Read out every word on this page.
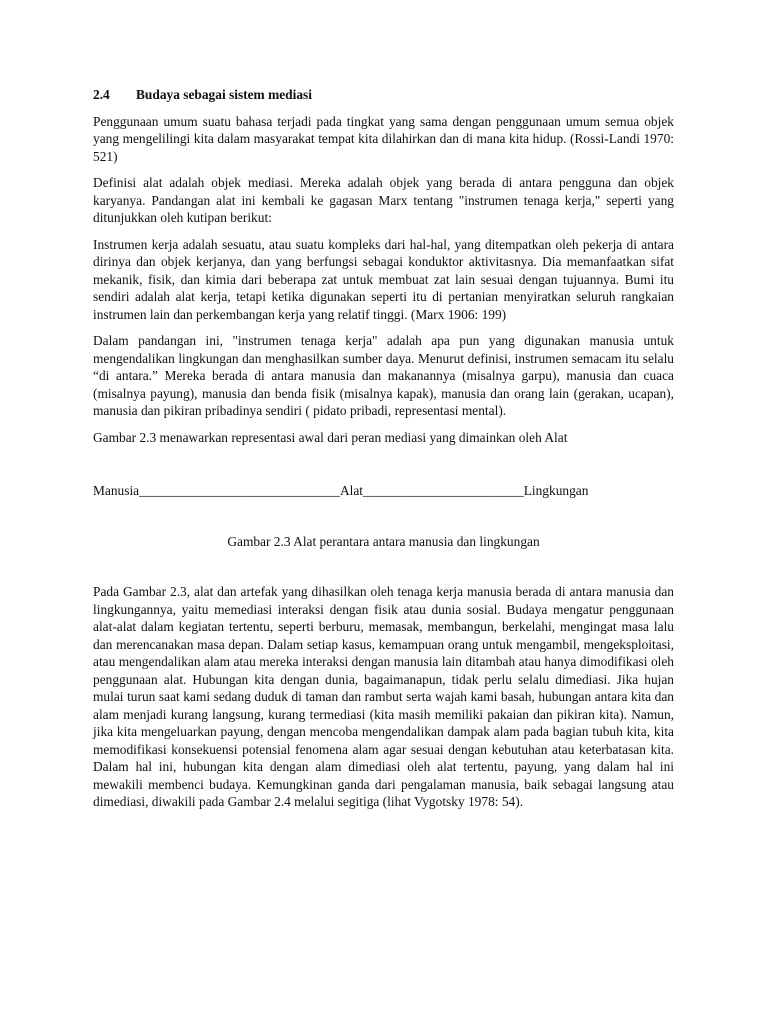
2.4 Budaya sebagai sistem mediasi

Penggunaan umum suatu bahasa terjadi pada tingkat yang sama dengan penggunaan umum semua objek yang mengelilingi kita dalam masyarakat tempat kita dilahirkan dan di mana kita hidup. (Rossi-Landi 1970: 521)

Definisi alat adalah objek mediasi. Mereka adalah objek yang berada di antara pengguna dan objek karyanya. Pandangan alat ini kembali ke gagasan Marx tentang "instrumen tenaga kerja," seperti yang ditunjukkan oleh kutipan berikut:

Instrumen kerja adalah sesuatu, atau suatu kompleks dari hal-hal, yang ditempatkan oleh pekerja di antara dirinya dan objek kerjanya, dan yang berfungsi sebagai konduktor aktivitasnya. Dia memanfaatkan sifat mekanik, fisik, dan kimia dari beberapa zat untuk membuat zat lain sesuai dengan tujuannya. Bumi itu sendiri adalah alat kerja, tetapi ketika digunakan seperti itu di pertanian menyiratkan seluruh rangkaian instrumen lain dan perkembangan kerja yang relatif tinggi. (Marx 1906: 199)

Dalam pandangan ini, "instrumen tenaga kerja" adalah apa pun yang digunakan manusia untuk mengendalikan lingkungan dan menghasilkan sumber daya. Menurut definisi, instrumen semacam itu selalu “di antara.” Mereka berada di antara manusia dan makanannya (misalnya garpu), manusia dan cuaca (misalnya payung), manusia dan benda fisik (misalnya kapak), manusia dan orang lain (gerakan, ucapan), manusia dan pikiran pribadinya sendiri ( pidato pribadi, representasi mental).

Gambar 2.3 menawarkan representasi awal dari peran mediasi yang dimainkan oleh Alat

Manusia______________________________Alat________________________Lingkungan
Gambar 2.3 Alat perantara antara manusia dan lingkungan

Pada Gambar 2.3, alat dan artefak yang dihasilkan oleh tenaga kerja manusia berada di antara manusia dan lingkungannya, yaitu memediasi interaksi dengan fisik atau dunia sosial. Budaya mengatur penggunaan alat-alat dalam kegiatan tertentu, seperti berburu, memasak, membangun, berkelahi, mengingat masa lalu dan merencanakan masa depan. Dalam setiap kasus, kemampuan orang untuk mengambil, mengeksploitasi, atau mengendalikan alam atau mereka interaksi dengan manusia lain ditambah atau hanya dimodifikasi oleh penggunaan alat. Hubungan kita dengan dunia, bagaimanapun, tidak perlu selalu dimediasi. Jika hujan mulai turun saat kami sedang duduk di taman dan rambut serta wajah kami basah, hubungan antara kita dan alam menjadi kurang langsung, kurang termediasi (kita masih memiliki pakaian dan pikiran kita). Namun, jika kita mengeluarkan payung, dengan mencoba mengendalikan dampak alam pada bagian tubuh kita, kita memodifikasi konsekuensi potensial fenomena alam agar sesuai dengan kebutuhan atau keterbatasan kita. Dalam hal ini, hubungan kita dengan alam dimediasi oleh alat tertentu, payung, yang dalam hal ini mewakili membenci budaya. Kemungkinan ganda dari pengalaman manusia, baik sebagai langsung atau dimediasi, diwakili pada Gambar 2.4 melalui segitiga (lihat Vygotsky 1978: 54).
